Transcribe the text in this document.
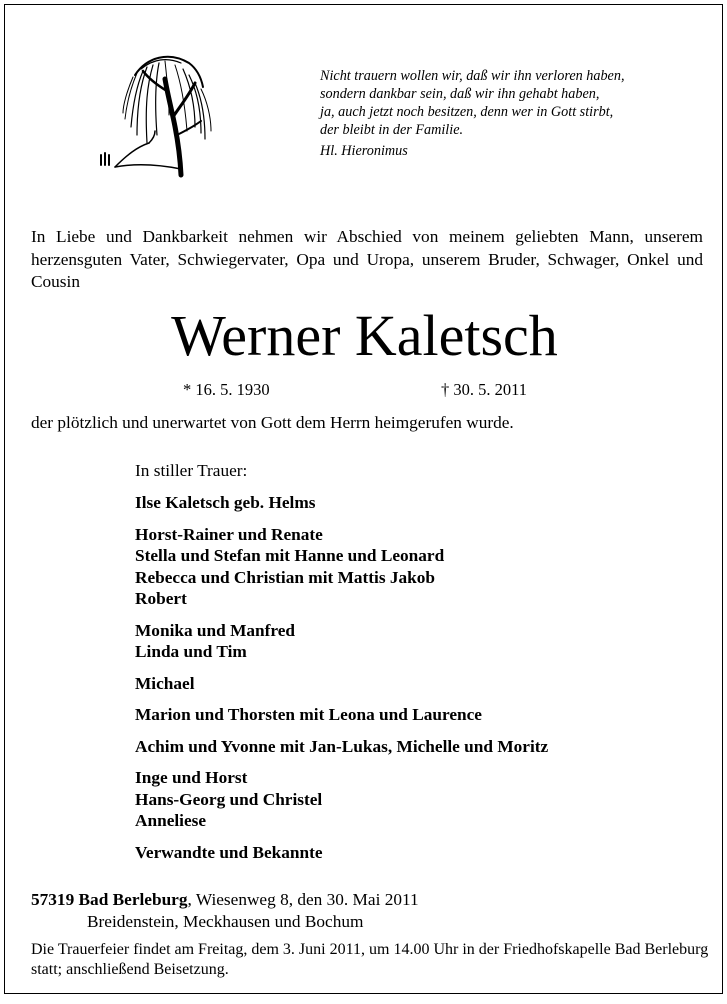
Nicht trauern wollen wir, daß wir ihn verloren haben,
sondern dankbar sein, daß wir ihn gehabt haben,
ja, auch jetzt noch besitzen, denn wer in Gott stirbt,
der bleibt in der Familie.
Hl. Hieronimus
In Liebe und Dankbarkeit nehmen wir Abschied von meinem geliebten Mann, unserem herzensguten Vater, Schwiegervater, Opa und Uropa, unserem Bruder, Schwager, Onkel und Cousin
Werner Kaletsch
* 16. 5. 1930	† 30. 5. 2011
der plötzlich und unerwartet von Gott dem Herrn heimgerufen wurde.
In stiller Trauer:
Ilse Kaletsch geb. Helms
Horst-Rainer und Renate
Stella und Stefan mit Hanne und Leonard
Rebecca und Christian mit Mattis Jakob
Robert
Monika und Manfred
Linda und Tim
Michael
Marion und Thorsten mit Leona und Laurence
Achim und Yvonne mit Jan-Lukas, Michelle und Moritz
Inge und Horst
Hans-Georg und Christel
Anneliese
Verwandte und Bekannte
57319 Bad Berleburg, Wiesenweg 8, den 30. Mai 2011
Breidenstein, Meckhausen und Bochum
Die Trauerfeier findet am Freitag, dem 3. Juni 2011, um 14.00 Uhr in der Friedhofskapelle Bad Berleburg statt; anschließend Beisetzung.
